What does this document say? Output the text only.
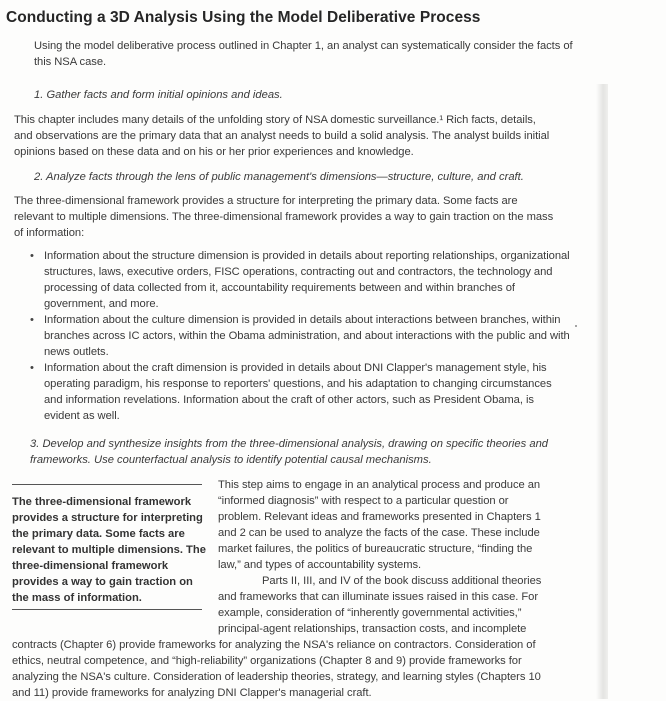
Conducting a 3D Analysis Using the Model Deliberative Process
Using the model deliberative process outlined in Chapter 1, an analyst can systematically consider the facts of this NSA case.
1. Gather facts and form initial opinions and ideas.
This chapter includes many details of the unfolding story of NSA domestic surveillance.¹ Rich facts, details, and observations are the primary data that an analyst needs to build a solid analysis. The analyst builds initial opinions based on these data and on his or her prior experiences and knowledge.
2. Analyze facts through the lens of public management's dimensions—structure, culture, and craft.
The three-dimensional framework provides a structure for interpreting the primary data. Some facts are relevant to multiple dimensions. The three-dimensional framework provides a way to gain traction on the mass of information:
• Information about the structure dimension is provided in details about reporting relationships, organizational structures, laws, executive orders, FISC operations, contracting out and contractors, the technology and processing of data collected from it, accountability requirements between and within branches of government, and more.
• Information about the culture dimension is provided in details about interactions between branches, within branches across IC actors, within the Obama administration, and about interactions with the public and with news outlets.
• Information about the craft dimension is provided in details about DNI Clapper's management style, his operating paradigm, his response to reporters' questions, and his adaptation to changing circumstances and information revelations. Information about the craft of other actors, such as President Obama, is evident as well.
3. Develop and synthesize insights from the three-dimensional analysis, drawing on specific theories and frameworks. Use counterfactual analysis to identify potential causal mechanisms.
The three-dimensional framework provides a structure for interpreting the primary data. Some facts are relevant to multiple dimensions. The three-dimensional framework provides a way to gain traction on the mass of information.

This step aims to engage in an analytical process and produce an “informed diagnosis” with respect to a particular question or problem. Relevant ideas and frameworks presented in Chapters 1 and 2 can be used to analyze the facts of the case. These include market failures, the politics of bureaucratic structure, “finding the law,” and types of accountability systems.

Parts II, III, and IV of the book discuss additional theories and frameworks that can illuminate issues raised in this case. For example, consideration of “inherently governmental activities,” principal-agent relationships, transaction costs, and incomplete

contracts (Chapter 6) provide frameworks for analyzing the NSA's reliance on contractors. Consideration of ethics, neutral competence, and “high-reliability” organizations (Chapter 8 and 9) provide frameworks for analyzing the NSA's culture. Consideration of leadership theories, strategy, and learning styles (Chapters 10 and 11) provide frameworks for analyzing DNI Clapper's managerial craft.
